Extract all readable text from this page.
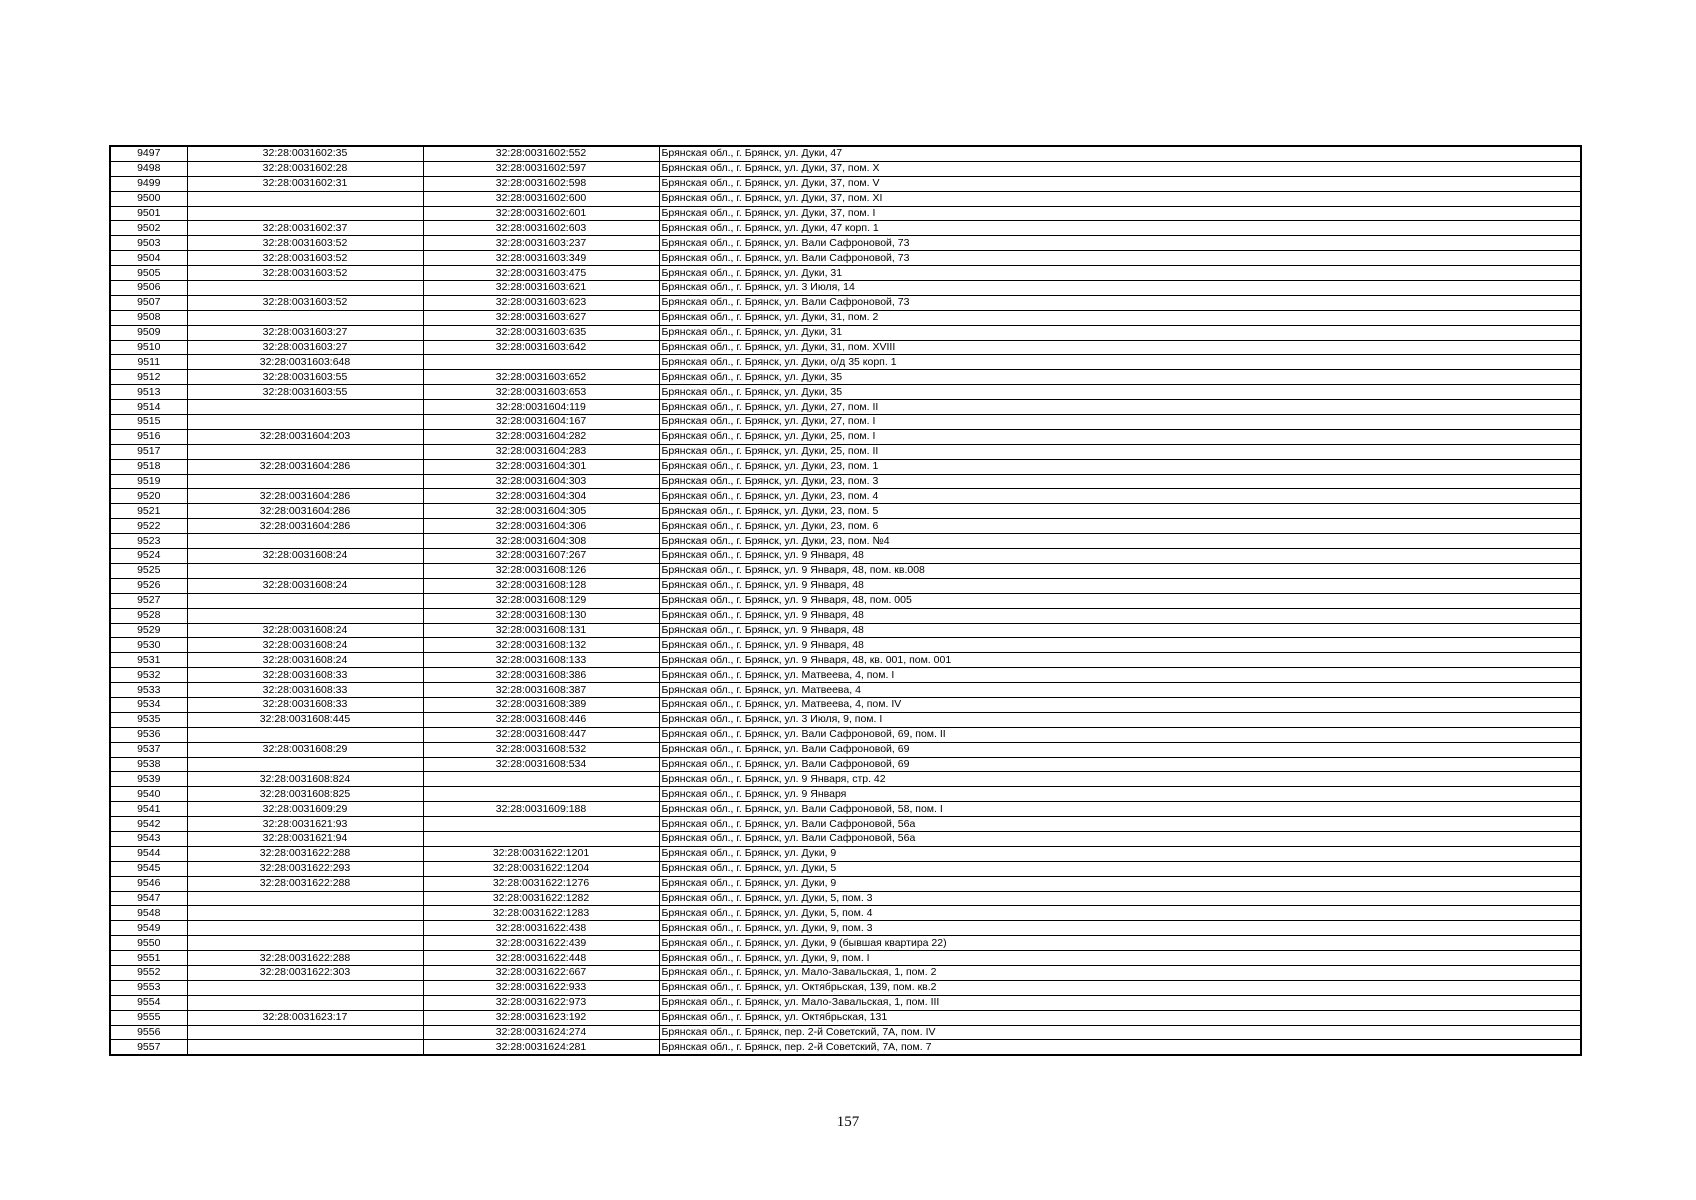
9497	32:28:0031602:35	32:28:0031602:552	Брянская обл., г. Брянск, ул. Дуки, 47
9498	32:28:0031602:28	32:28:0031602:597	Брянская обл., г. Брянск, ул. Дуки, 37, пом. X
9499	32:28:0031602:31	32:28:0031602:598	Брянская обл., г. Брянск, ул. Дуки, 37, пом. V
9500		32:28:0031602:600	Брянская обл., г. Брянск, ул. Дуки, 37, пом. XI
9501		32:28:0031602:601	Брянская обл., г. Брянск, ул. Дуки, 37, пом. I
9502	32:28:0031602:37	32:28:0031602:603	Брянская обл., г. Брянск, ул. Дуки, 47 корп. 1
9503	32:28:0031603:52	32:28:0031603:237	Брянская обл., г. Брянск, ул. Вали Сафроновой, 73
9504	32:28:0031603:52	32:28:0031603:349	Брянская обл., г. Брянск, ул. Вали Сафроновой, 73
9505	32:28:0031603:52	32:28:0031603:475	Брянская обл., г. Брянск, ул. Дуки, 31
9506		32:28:0031603:621	Брянская обл., г. Брянск, ул. 3 Июля, 14
9507	32:28:0031603:52	32:28:0031603:623	Брянская обл., г. Брянск, ул. Вали Сафроновой, 73
9508		32:28:0031603:627	Брянская обл., г. Брянск, ул. Дуки, 31, пом. 2
9509	32:28:0031603:27	32:28:0031603:635	Брянская обл., г. Брянск, ул. Дуки, 31
9510	32:28:0031603:27	32:28:0031603:642	Брянская обл., г. Брянск, ул. Дуки, 31, пом. XVIII
9511	32:28:0031603:648		Брянская обл., г. Брянск, ул. Дуки, о/д 35 корп. 1
9512	32:28:0031603:55	32:28:0031603:652	Брянская обл., г. Брянск, ул. Дуки, 35
9513	32:28:0031603:55	32:28:0031603:653	Брянская обл., г. Брянск, ул. Дуки, 35
9514		32:28:0031604:119	Брянская обл., г. Брянск, ул. Дуки, 27, пом. II
9515		32:28:0031604:167	Брянская обл., г. Брянск, ул. Дуки, 27, пом. I
9516	32:28:0031604:203	32:28:0031604:282	Брянская обл., г. Брянск, ул. Дуки, 25, пом. I
9517		32:28:0031604:283	Брянская обл., г. Брянск, ул. Дуки, 25, пом. II
9518	32:28:0031604:286	32:28:0031604:301	Брянская обл., г. Брянск, ул. Дуки, 23, пом. 1
9519		32:28:0031604:303	Брянская обл., г. Брянск, ул. Дуки, 23, пом. 3
9520	32:28:0031604:286	32:28:0031604:304	Брянская обл., г. Брянск, ул. Дуки, 23, пом. 4
9521	32:28:0031604:286	32:28:0031604:305	Брянская обл., г. Брянск, ул. Дуки, 23, пом. 5
9522	32:28:0031604:286	32:28:0031604:306	Брянская обл., г. Брянск, ул. Дуки, 23, пом. 6
9523		32:28:0031604:308	Брянская обл., г. Брянск, ул. Дуки, 23, пом. №4
9524	32:28:0031608:24	32:28:0031607:267	Брянская обл., г. Брянск, ул. 9 Января, 48
9525		32:28:0031608:126	Брянская обл., г. Брянск, ул. 9 Января, 48, пом. кв.008
9526	32:28:0031608:24	32:28:0031608:128	Брянская обл., г. Брянск, ул. 9 Января, 48
9527		32:28:0031608:129	Брянская обл., г. Брянск, ул. 9 Января, 48, пом. 005
9528		32:28:0031608:130	Брянская обл., г. Брянск, ул. 9 Января, 48
9529	32:28:0031608:24	32:28:0031608:131	Брянская обл., г. Брянск, ул. 9 Января, 48
9530	32:28:0031608:24	32:28:0031608:132	Брянская обл., г. Брянск, ул. 9 Января, 48
9531	32:28:0031608:24	32:28:0031608:133	Брянская обл., г. Брянск, ул. 9 Января, 48, кв. 001, пом. 001
9532	32:28:0031608:33	32:28:0031608:386	Брянская обл., г. Брянск, ул. Матвеева, 4, пом. I
9533	32:28:0031608:33	32:28:0031608:387	Брянская обл., г. Брянск, ул. Матвеева, 4
9534	32:28:0031608:33	32:28:0031608:389	Брянская обл., г. Брянск, ул. Матвеева, 4, пом. IV
9535	32:28:0031608:445	32:28:0031608:446	Брянская обл., г. Брянск, ул. 3 Июля, 9, пом. I
9536		32:28:0031608:447	Брянская обл., г. Брянск, ул. Вали Сафроновой, 69, пом. II
9537	32:28:0031608:29	32:28:0031608:532	Брянская обл., г. Брянск, ул. Вали Сафроновой, 69
9538		32:28:0031608:534	Брянская обл., г. Брянск, ул. Вали Сафроновой, 69
9539	32:28:0031608:824		Брянская обл., г. Брянск, ул. 9 Января, стр. 42
9540	32:28:0031608:825		Брянская обл., г. Брянск, ул. 9 Января
9541	32:28:0031609:29	32:28:0031609:188	Брянская обл., г. Брянск, ул. Вали Сафроновой, 58, пом. I
9542	32:28:0031621:93		Брянская обл., г. Брянск, ул. Вали Сафроновой, 56а
9543	32:28:0031621:94		Брянская обл., г. Брянск, ул. Вали Сафроновой, 56а
9544	32:28:0031622:288	32:28:0031622:1201	Брянская обл., г. Брянск, ул. Дуки, 9
9545	32:28:0031622:293	32:28:0031622:1204	Брянская обл., г. Брянск, ул. Дуки, 5
9546	32:28:0031622:288	32:28:0031622:1276	Брянская обл., г. Брянск, ул. Дуки, 9
9547		32:28:0031622:1282	Брянская обл., г. Брянск, ул. Дуки, 5, пом. 3
9548		32:28:0031622:1283	Брянская обл., г. Брянск, ул. Дуки, 5, пом. 4
9549		32:28:0031622:438	Брянская обл., г. Брянск, ул. Дуки, 9, пом. 3
9550		32:28:0031622:439	Брянская обл., г. Брянск, ул. Дуки, 9 (бывшая квартира 22)
9551	32:28:0031622:288	32:28:0031622:448	Брянская обл., г. Брянск, ул. Дуки, 9, пом. I
9552	32:28:0031622:303	32:28:0031622:667	Брянская обл., г. Брянск, ул. Мало-Завальская, 1, пом. 2
9553		32:28:0031622:933	Брянская обл., г. Брянск, ул. Октябрьская, 139, пом. кв.2
9554		32:28:0031622:973	Брянская обл., г. Брянск, ул. Мало-Завальская, 1, пом. III
9555	32:28:0031623:17	32:28:0031623:192	Брянская обл., г. Брянск, ул. Октябрьская, 131
9556		32:28:0031624:274	Брянская обл., г. Брянск, пер. 2-й Советский, 7А, пом. IV
9557		32:28:0031624:281	Брянская обл., г. Брянск, пер. 2-й Советский, 7А, пом. 7
157
